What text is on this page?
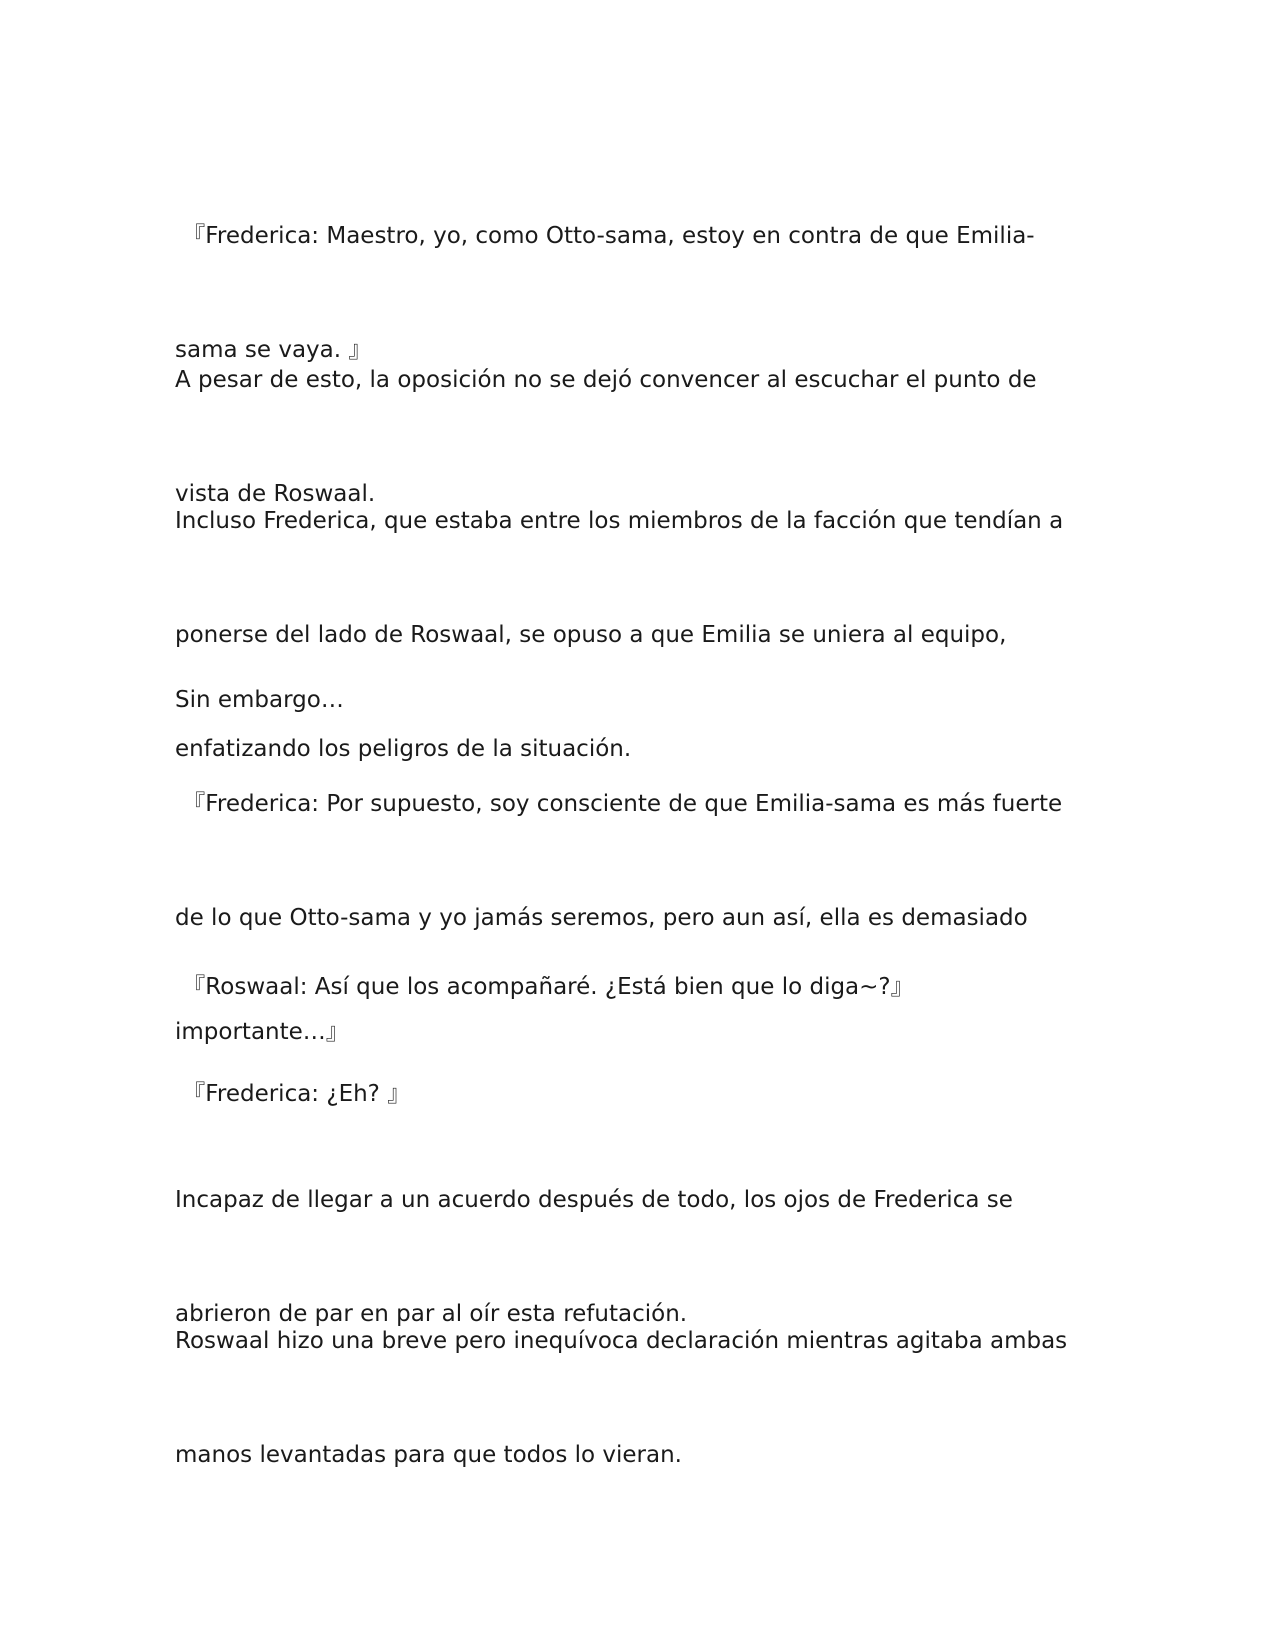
『Frederica: Maestro, yo, como Otto-sama, estoy en contra de que Emilia-

sama se vaya. 』

A pesar de esto, la oposición no se dejó convencer al escuchar el punto de

vista de Roswaal.

Incluso Frederica, que estaba entre los miembros de la facción que tendían a

ponerse del lado de Roswaal, se opuso a que Emilia se uniera al equipo,

enfatizando los peligros de la situación.

Sin embargo…

『Frederica: Por supuesto, soy consciente de que Emilia-sama es más fuerte

de lo que Otto-sama y yo jamás seremos, pero aun así, ella es demasiado

importante…』

『Roswaal: Así que los acompañaré. ¿Está bien que lo diga~?』

『Frederica: ¿Eh? 』

Incapaz de llegar a un acuerdo después de todo, los ojos de Frederica se

abrieron de par en par al oír esta refutación.

Roswaal hizo una breve pero inequívoca declaración mientras agitaba ambas

manos levantadas para que todos lo vieran.
